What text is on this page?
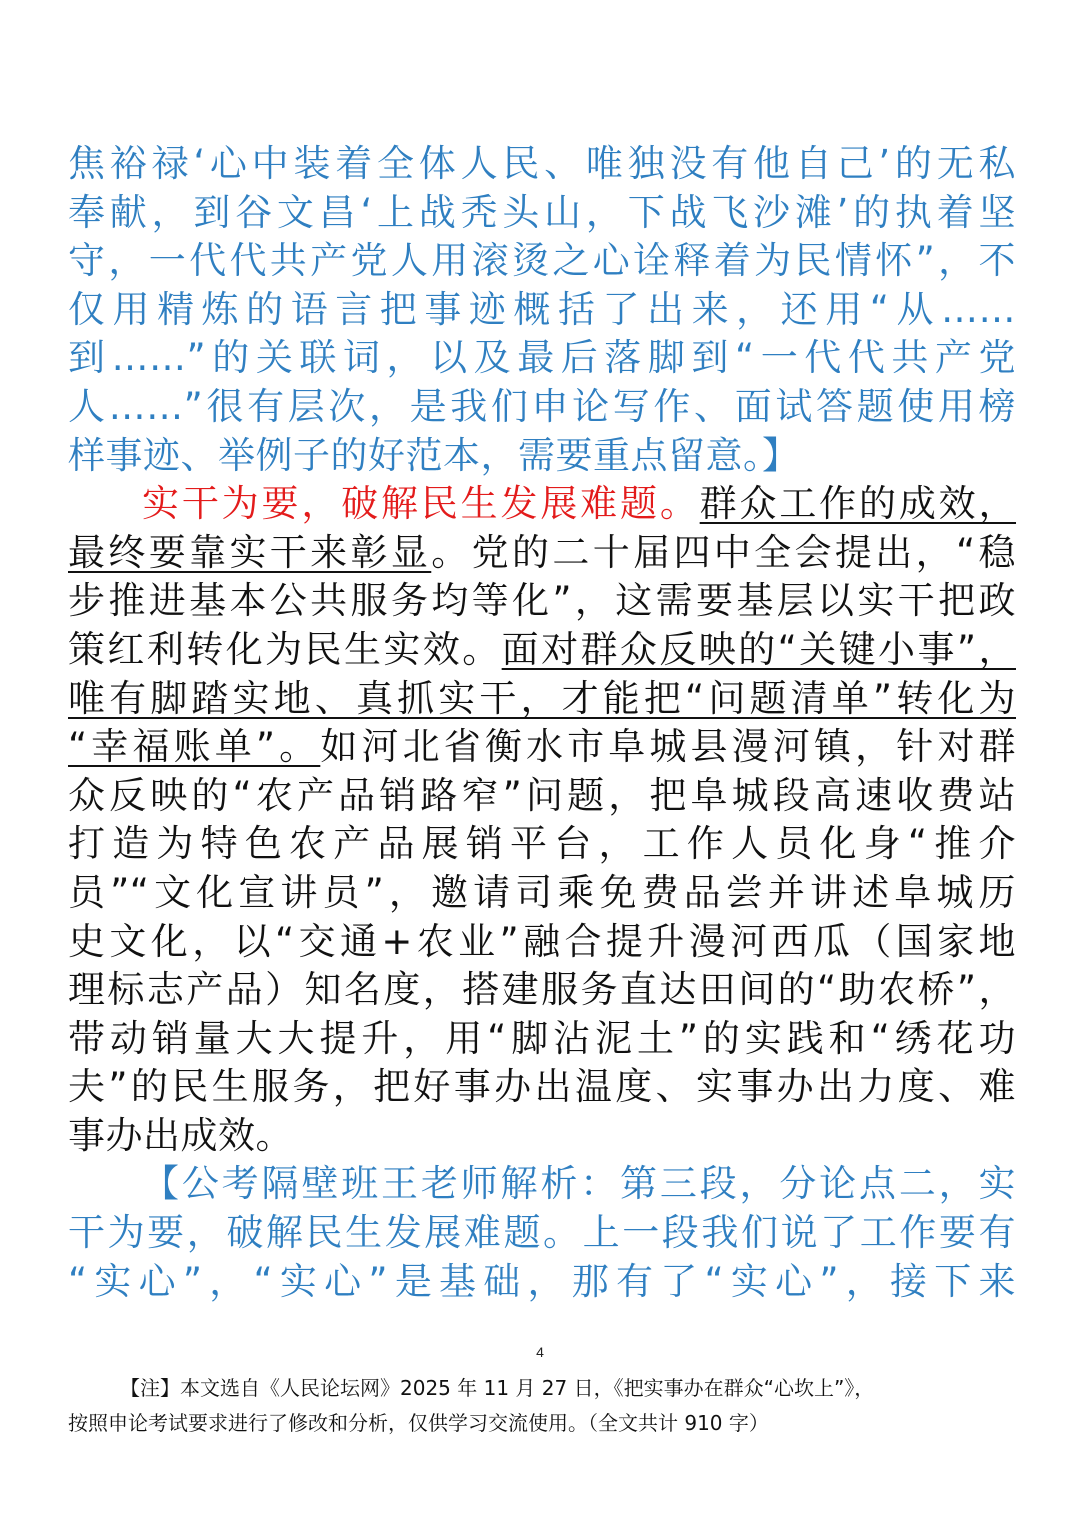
焦裕禄‘心中装着全体人民、唯独没有他自己’的无私
奉献，到谷文昌‘上战秃头山，下战飞沙滩’的执着坚
守，一代代共产党人用滚烫之心诠释着为民情怀”，不
仅用精炼的语言把事迹概括了出来，还用“从……
到……”的关联词，以及最后落脚到“一代代共产党
人……”很有层次，是我们申论写作、面试答题使用榜
样事迹、举例子的好范本，需要重点留意。】
实干为要，破解民生发展难题。群众工作的成效，
最终要靠实干来彰显。党的二十届四中全会提出，“稳
步推进基本公共服务均等化”，这需要基层以实干把政
策红利转化为民生实效。面对群众反映的“关键小事”，
唯有脚踏实地、真抓实干，才能把“问题清单”转化为
“幸福账单”。如河北省衡水市阜城县漫河镇，针对群
众反映的“农产品销路窄”问题，把阜城段高速收费站
打造为特色农产品展销平台，工作人员化身“推介
员”“文化宣讲员”，邀请司乘免费品尝并讲述阜城历
史文化，以“交通+农业”融合提升漫河西瓜（国家地
理标志产品）知名度，搭建服务直达田间的“助农桥”，
带动销量大大提升，用“脚沾泥土”的实践和“绣花功
夫”的民生服务，把好事办出温度、实事办出力度、难
事办出成效。
【公考隔壁班王老师解析：第三段，分论点二，实
干为要，破解民生发展难题。上一段我们说了工作要有
“实心”，“实心”是基础，那有了“实心”，接下来
4
【注】本文选自《人民论坛网》2025 年 11 月 27 日，《把实事办在群众“心坎上”》，
按照申论考试要求进行了修改和分析，仅供学习交流使用。（全文共计 910 字）
